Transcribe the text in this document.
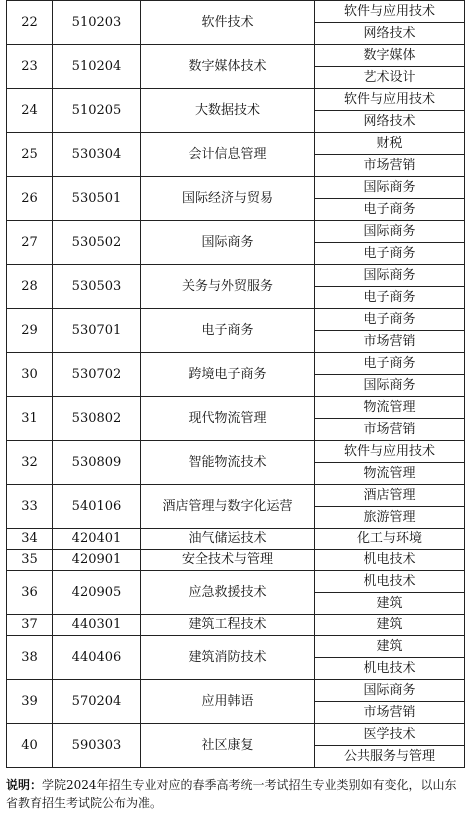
22	510203	软件技术	软件与应用技术
			网络技术
23	510204	数字媒体技术	数字媒体
			艺术设计
24	510205	大数据技术	软件与应用技术
			网络技术
25	530304	会计信息管理	财税
			市场营销
26	530501	国际经济与贸易	国际商务
			电子商务
27	530502	国际商务	国际商务
			电子商务
28	530503	关务与外贸服务	国际商务
			电子商务
29	530701	电子商务	电子商务
			市场营销
30	530702	跨境电子商务	电子商务
			国际商务
31	530802	现代物流管理	物流管理
			市场营销
32	530809	智能物流技术	软件与应用技术
			物流管理
33	540106	酒店管理与数字化运营	酒店管理
			旅游管理
34	420401	油气储运技术	化工与环境
35	420901	安全技术与管理	机电技术
36	420905	应急救援技术	机电技术
			建筑
37	440301	建筑工程技术	建筑
38	440406	建筑消防技术	建筑
			机电技术
39	570204	应用韩语	国际商务
			市场营销
40	590303	社区康复	医学技术
			公共服务与管理
说明：学院2024年招生专业对应的春季高考统一考试招生专业类别如有变化，以山东省教育招生考试院公布为准。
